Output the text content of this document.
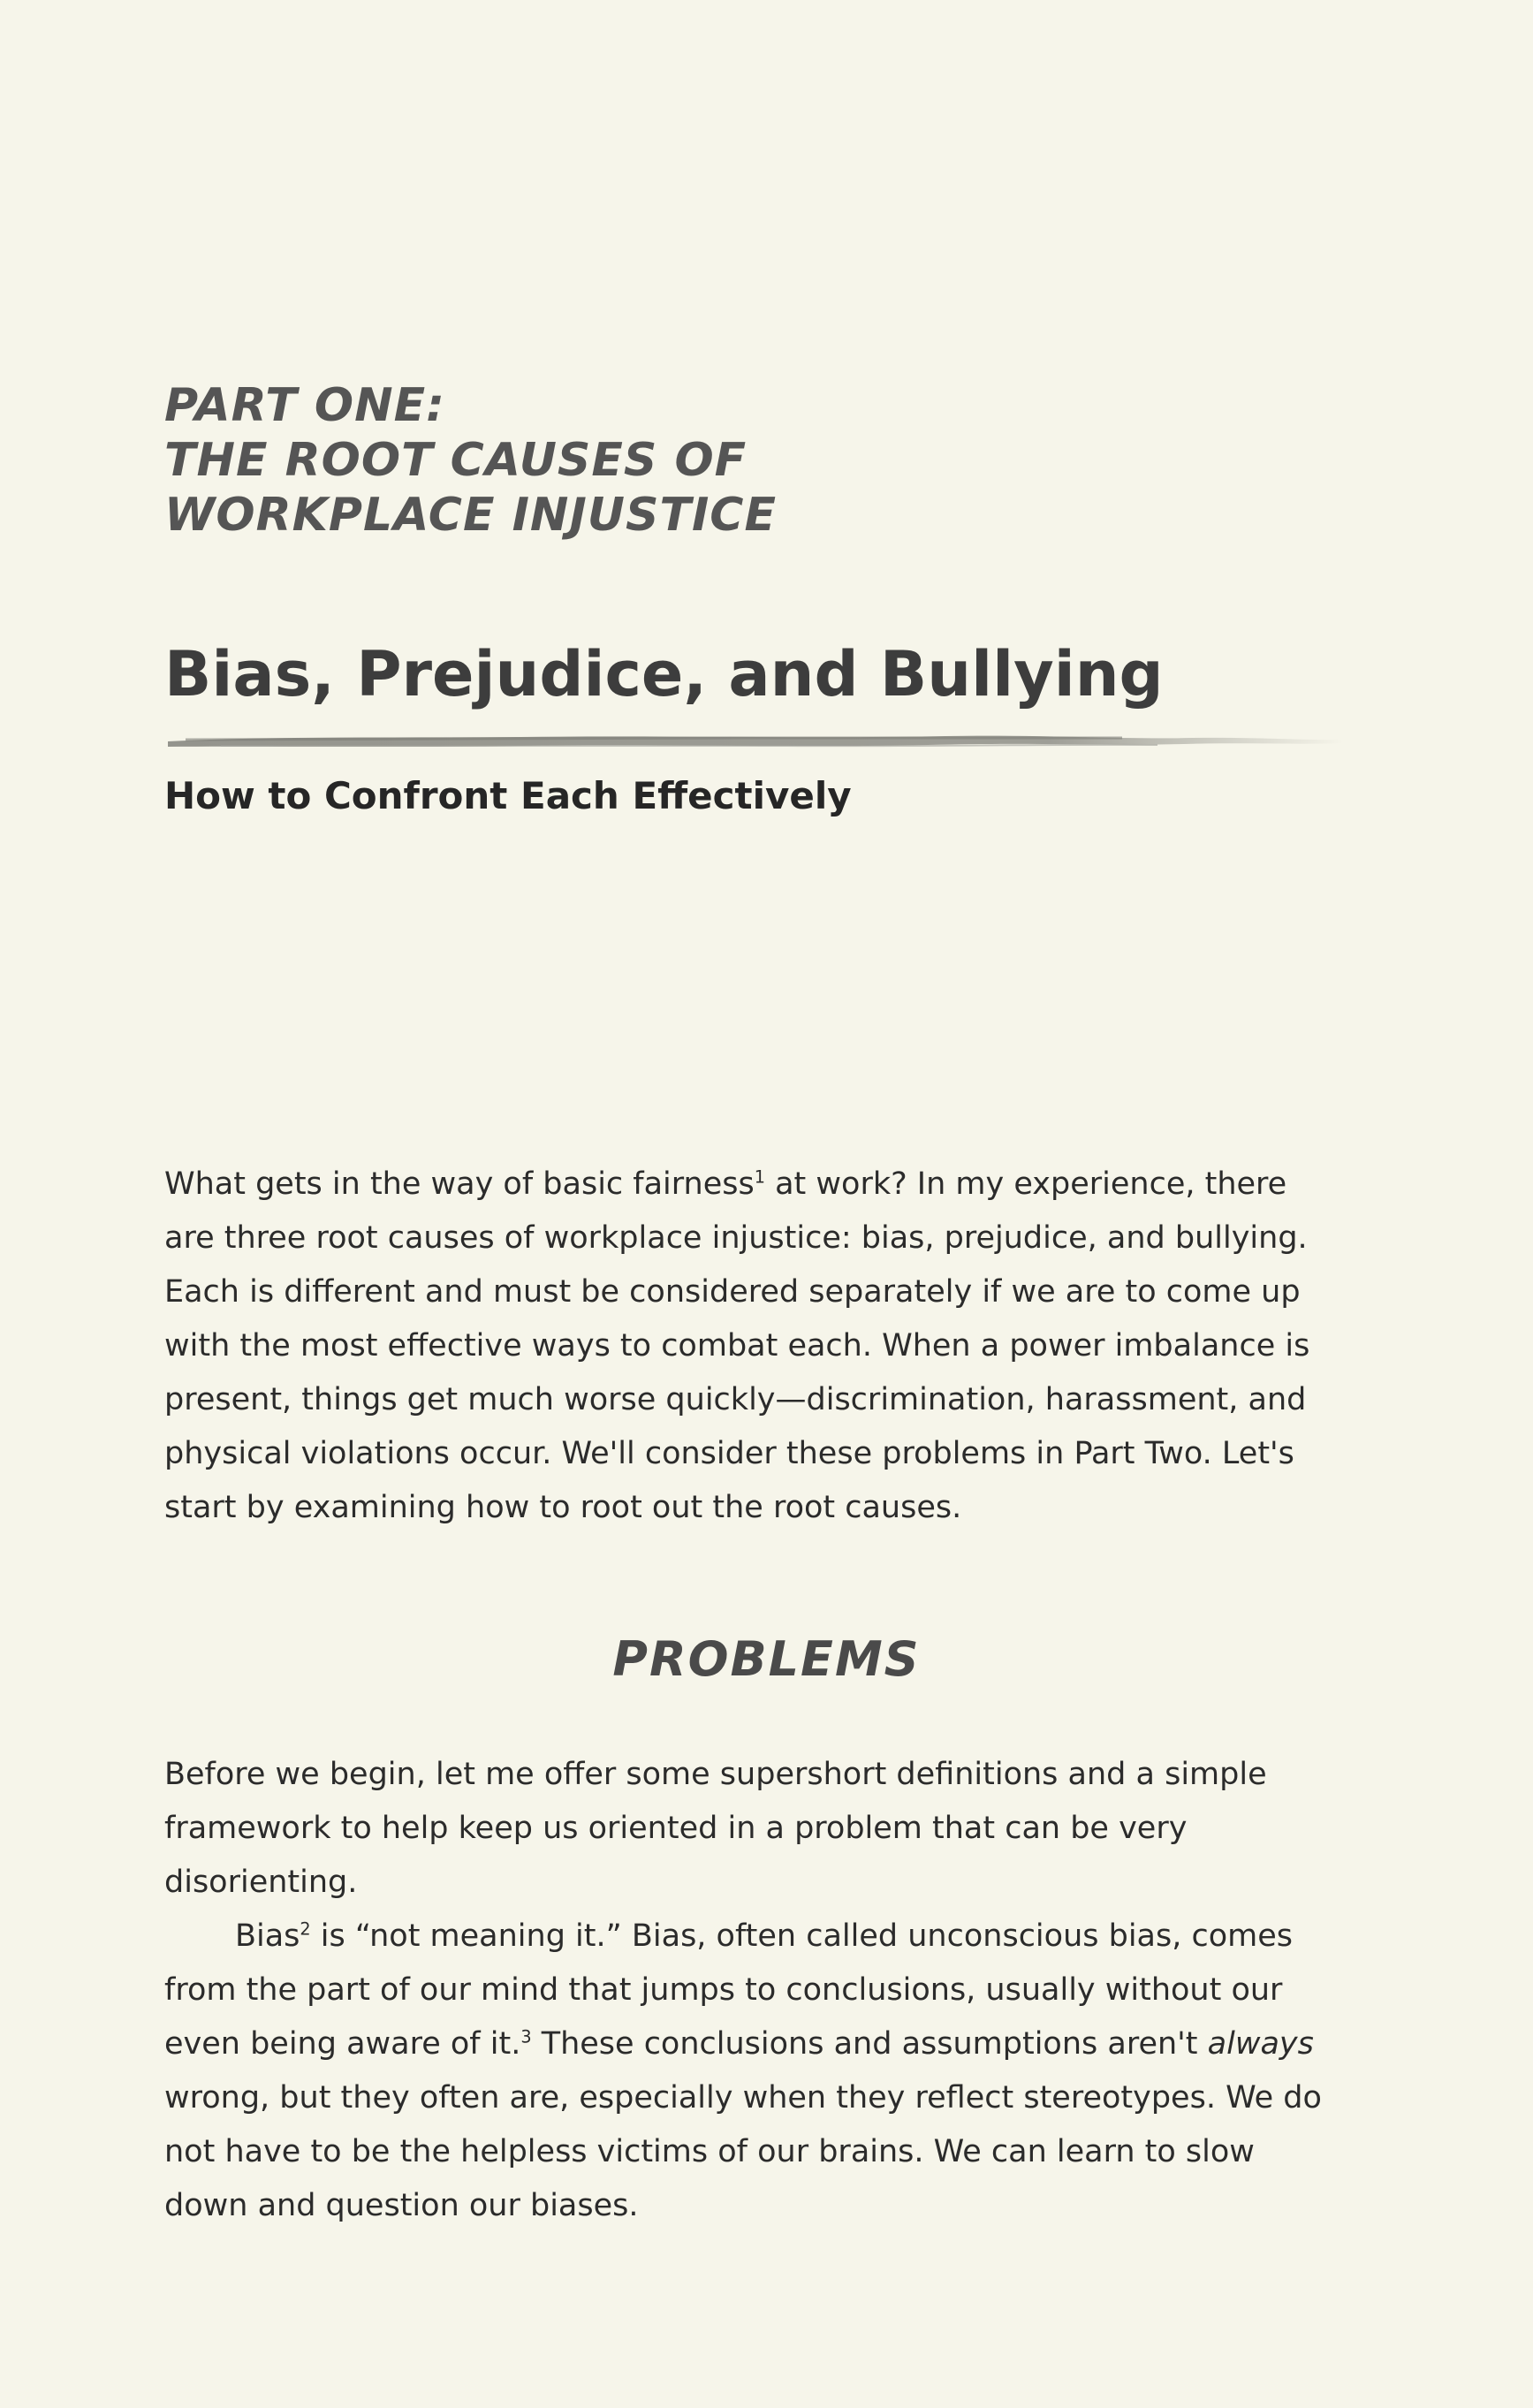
PART ONE:
THE ROOT CAUSES OF
WORKPLACE INJUSTICE
Bias, Prejudice, and Bullying
How to Confront Each Effectively

What gets in the way of basic fairness$^1$ at work? In my experience, there are three root causes of workplace injustice: bias, prejudice, and bullying. Each is different and must be considered separately if we are to come up with the most effective ways to combat each. When a power imbalance is present, things get much worse quickly—discrimination, harassment, and physical violations occur. We'll consider these problems in Part Two. Let's start by examining how to root out the root causes.

PROBLEMS

Before we begin, let me offer some supershort definitions and a simple framework to help keep us oriented in a problem that can be very disorienting.

Bias$^2$ is “not meaning it.” Bias, often called unconscious bias, comes from the part of our mind that jumps to conclusions, usually without our even being aware of it.$^3$ These conclusions and assumptions aren't always wrong, but they often are, especially when they reflect stereotypes. We do not have to be the helpless victims of our brains. We can learn to slow down and question our biases.
